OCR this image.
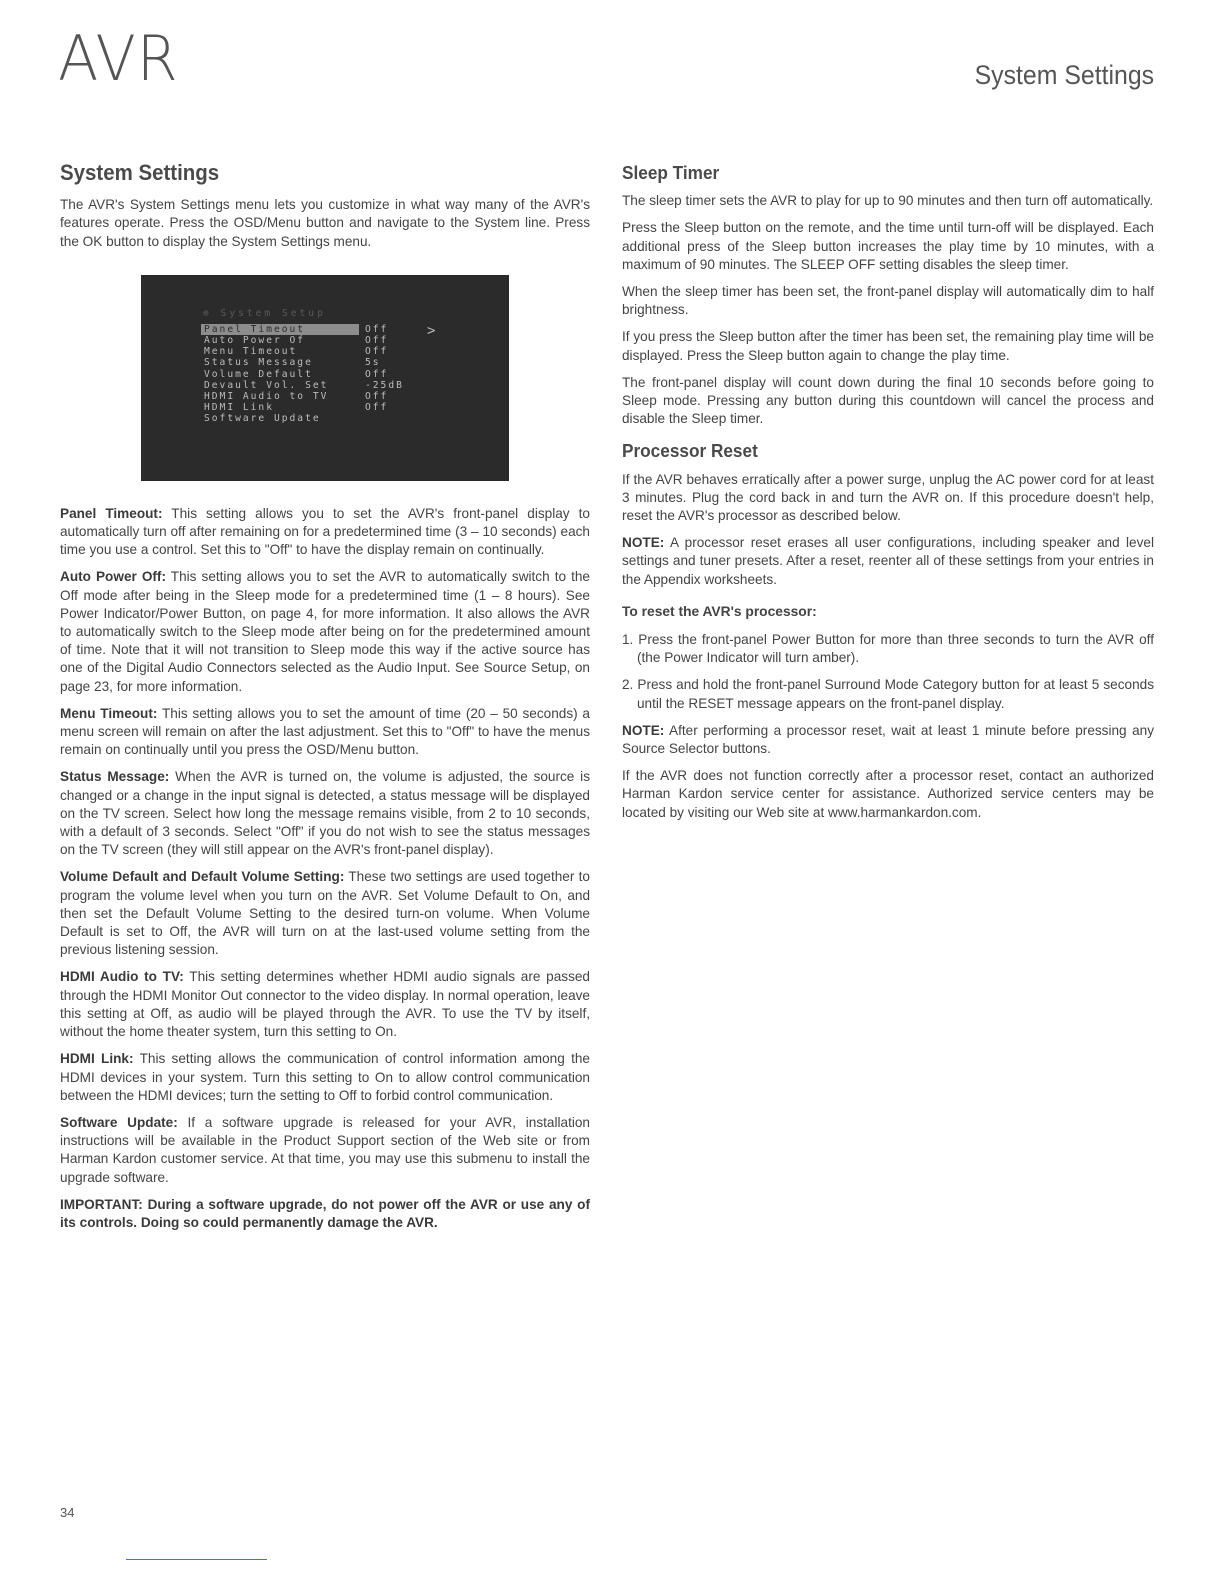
AVR	System Settings
System Settings

The AVR's System Settings menu lets you customize in what way many of the AVR's features operate. Press the OSD/Menu button and navigate to the System line. Press the OK button to display the System Settings menu.

⊕ System Setup
>
Panel Timeout	Off
Auto Power Of	Off
Menu Timeout	Off
Status Message	5s
Volume Default	Off
Devault Vol. Set	-25dB
HDMI Audio to TV	Off
HDMI Link	Off
Software Update

Panel Timeout: This setting allows you to set the AVR's front-panel display to automatically turn off after remaining on for a predetermined time (3 – 10 seconds) each time you use a control. Set this to "Off" to have the display remain on continually.

Auto Power Off: This setting allows you to set the AVR to automatically switch to the Off mode after being in the Sleep mode for a predetermined time (1 – 8 hours). See Power Indicator/Power Button, on page 4, for more information. It also allows the AVR to automatically switch to the Sleep mode after being on for the predetermined amount of time. Note that it will not transition to Sleep mode this way if the active source has one of the Digital Audio Connectors selected as the Audio Input. See Source Setup, on page 23, for more information.

Menu Timeout: This setting allows you to set the amount of time (20 – 50 seconds) a menu screen will remain on after the last adjustment. Set this to "Off" to have the menus remain on continually until you press the OSD/Menu button.

Status Message: When the AVR is turned on, the volume is adjusted, the source is changed or a change in the input signal is detected, a status message will be displayed on the TV screen. Select how long the message remains visible, from 2 to 10 seconds, with a default of 3 seconds. Select "Off" if you do not wish to see the status messages on the TV screen (they will still appear on the AVR's front-panel display).

Volume Default and Default Volume Setting: These two settings are used together to program the volume level when you turn on the AVR. Set Volume Default to On, and then set the Default Volume Setting to the desired turn-on volume. When Volume Default is set to Off, the AVR will turn on at the last-used volume setting from the previous listening session.

HDMI Audio to TV: This setting determines whether HDMI audio signals are passed through the HDMI Monitor Out connector to the video display. In normal operation, leave this setting at Off, as audio will be played through the AVR. To use the TV by itself, without the home theater system, turn this setting to On.

HDMI Link: This setting allows the communication of control information among the HDMI devices in your system. Turn this setting to On to allow control communication between the HDMI devices; turn the setting to Off to forbid control communication.

Software Update: If a software upgrade is released for your AVR, installation instructions will be available in the Product Support section of the Web site or from Harman Kardon customer service. At that time, you may use this submenu to install the upgrade software.

IMPORTANT: During a software upgrade, do not power off the AVR or use any of its controls. Doing so could permanently damage the AVR.

Sleep Timer

The sleep timer sets the AVR to play for up to 90 minutes and then turn off automatically.

Press the Sleep button on the remote, and the time until turn-off will be displayed. Each additional press of the Sleep button increases the play time by 10 minutes, with a maximum of 90 minutes. The SLEEP OFF setting disables the sleep timer.

When the sleep timer has been set, the front-panel display will automatically dim to half brightness.

If you press the Sleep button after the timer has been set, the remaining play time will be displayed. Press the Sleep button again to change the play time.

The front-panel display will count down during the final 10 seconds before going to Sleep mode. Pressing any button during this countdown will cancel the process and disable the Sleep timer.

Processor Reset

If the AVR behaves erratically after a power surge, unplug the AC power cord for at least 3 minutes. Plug the cord back in and turn the AVR on. If this procedure doesn't help, reset the AVR's processor as described below.

NOTE: A processor reset erases all user configurations, including speaker and level settings and tuner presets. After a reset, reenter all of these settings from your entries in the Appendix worksheets.

To reset the AVR's processor:
1. Press the front-panel Power Button for more than three seconds to turn the AVR off (the Power Indicator will turn amber).
2. Press and hold the front-panel Surround Mode Category button for at least 5 seconds until the RESET message appears on the front-panel display.

NOTE: After performing a processor reset, wait at least 1 minute before pressing any Source Selector buttons.

If the AVR does not function correctly after a processor reset, contact an authorized Harman Kardon service center for assistance. Authorized service centers may be located by visiting our Web site at www.harmankardon.com.

34
